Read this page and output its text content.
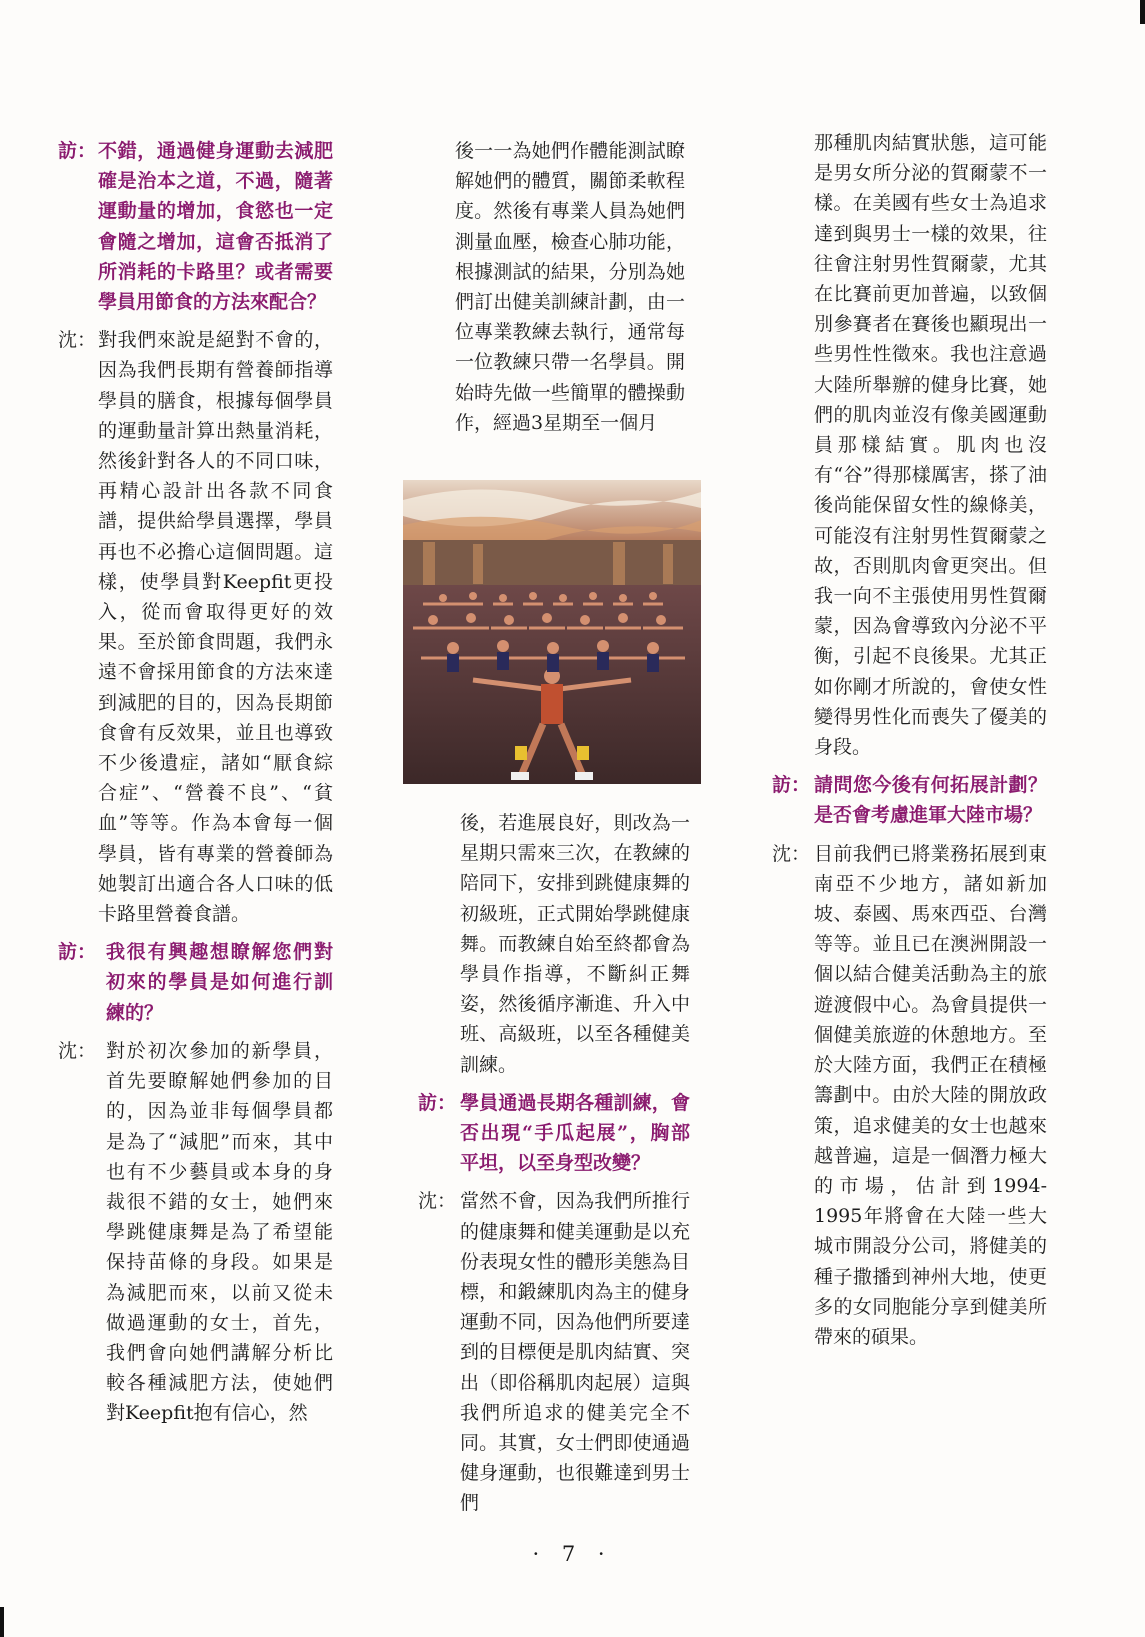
訪： 不錯，通過健身運動去減肥確是治本之道，不過，隨著運動量的增加，食慾也一定會隨之增加，這會否抵消了所消耗的卡路里？或者需要學員用節食的方法來配合？

沈： 對我們來說是絕對不會的，因為我們長期有營養師指導學員的膳食，根據每個學員的運動量計算出熱量消耗，然後針對各人的不同口味，再精心設計出各款不同食譜，提供給學員選擇，學員再也不必擔心這個問題。這樣，使學員對Keepfit更投入，從而會取得更好的效果。至於節食問題，我們永遠不會採用節食的方法來達到減肥的目的，因為長期節食會有反效果，並且也導致不少後遺症，諸如“厭食綜合症”、“營養不良”、“貧血”等等。作為本會每一個學員，皆有專業的營養師為她製訂出適合各人口味的低卡路里營養食譜。

訪： 我很有興趣想瞭解您們對初來的學員是如何進行訓練的？

沈： 對於初次參加的新學員，首先要瞭解她們參加的目的，因為並非每個學員都是為了“減肥”而來，其中也有不少藝員或本身的身裁很不錯的女士，她們來學跳健康舞是為了希望能保持苗條的身段。如果是為減肥而來，以前又從未做過運動的女士，首先，我們會向她們講解分析比較各種減肥方法，使她們對Keepfit抱有信心，然

後一一為她們作體能測試瞭解她們的體質，關節柔軟程度。然後有專業人員為她們測量血壓，檢查心肺功能，根據測試的結果，分別為她們訂出健美訓練計劃，由一位專業教練去執行，通常每一位教練只帶一名學員。開始時先做一些簡單的體操動作，經過3星期至一個月

後，若進展良好，則改為一星期只需來三次，在教練的陪同下，安排到跳健康舞的初級班，正式開始學跳健康舞。而教練自始至終都會為學員作指導，不斷糾正舞姿，然後循序漸進、升入中班、高級班，以至各種健美訓練。

訪： 學員通過長期各種訓練，會否出現“手瓜起展”，胸部平坦，以至身型改變？

沈： 當然不會，因為我們所推行的健康舞和健美運動是以充份表現女性的體形美態為目標，和鍛練肌肉為主的健身運動不同，因為他們所要達到的目標便是肌肉結實、突出（即俗稱肌肉起展）這與我們所追求的健美完全不同。其實，女士們即使通過健身運動，也很難達到男士們

那種肌肉結實狀態，這可能是男女所分泌的賀爾蒙不一樣。在美國有些女士為追求達到與男士一樣的效果，往往會注射男性賀爾蒙，尤其在比賽前更加普遍，以致個別參賽者在賽後也顯現出一些男性性徵來。我也注意過大陸所舉辦的健身比賽，她們的肌肉並沒有像美國運動員那樣結實。肌肉也沒有“谷”得那樣厲害，搽了油後尚能保留女性的線條美，可能沒有注射男性賀爾蒙之故，否則肌肉會更突出。但我一向不主張使用男性賀爾蒙，因為會導致內分泌不平衡，引起不良後果。尤其正如你剛才所說的，會使女性變得男性化而喪失了優美的身段。

訪： 請問您今後有何拓展計劃？是否會考慮進軍大陸市場？

沈： 目前我們已將業務拓展到東南亞不少地方，諸如新加坡、泰國、馬來西亞、台灣等等。並且已在澳洲開設一個以結合健美活動為主的旅遊渡假中心。為會員提供一個健美旅遊的休憩地方。至於大陸方面，我們正在積極籌劃中。由於大陸的開放政策，追求健美的女士也越來越普遍，這是一個潛力極大的市場，估計到1994-1995年將會在大陸一些大城市開設分公司，將健美的種子撒播到神州大地，使更多的女同胞能分享到健美所帶來的碩果。

· 7 ·
